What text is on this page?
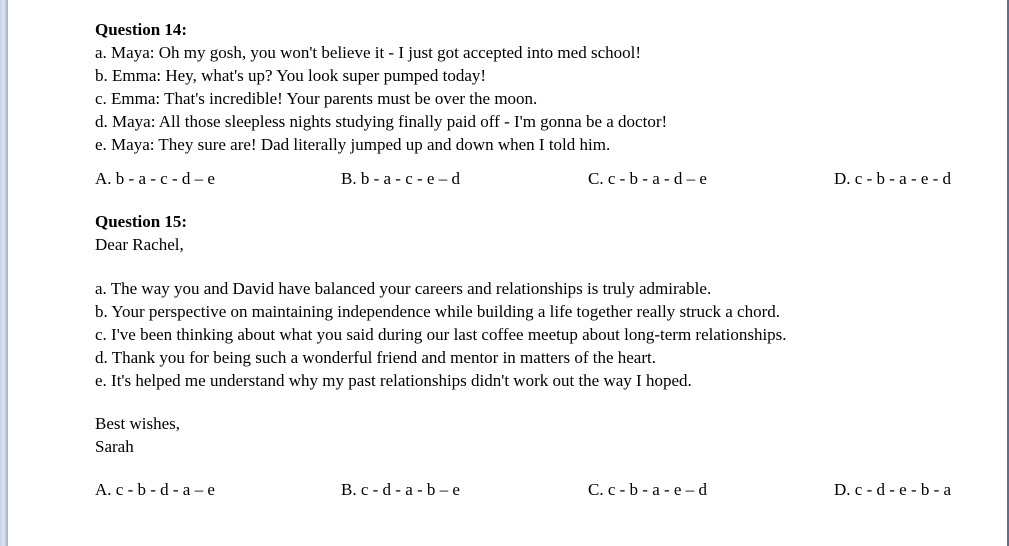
Question 14:
a. Maya: Oh my gosh, you won't believe it - I just got accepted into med school!
b. Emma: Hey, what's up? You look super pumped today!
c. Emma: That's incredible! Your parents must be over the moon.
d. Maya: All those sleepless nights studying finally paid off - I'm gonna be a doctor!
e. Maya: They sure are! Dad literally jumped up and down when I told him.
A. b - a - c - d – e	B. b - a - c - e – d	C. c - b - a - d – e	D. c - b - a - e - d
Question 15:
Dear Rachel,
a. The way you and David have balanced your careers and relationships is truly admirable.
b. Your perspective on maintaining independence while building a life together really struck a chord.
c. I've been thinking about what you said during our last coffee meetup about long-term relationships.
d. Thank you for being such a wonderful friend and mentor in matters of the heart.
e. It's helped me understand why my past relationships didn't work out the way I hoped.
Best wishes,
Sarah
A. c - b - d - a – e	B. c - d - a - b – e	C. c - b - a - e – d	D. c - d - e - b - a
